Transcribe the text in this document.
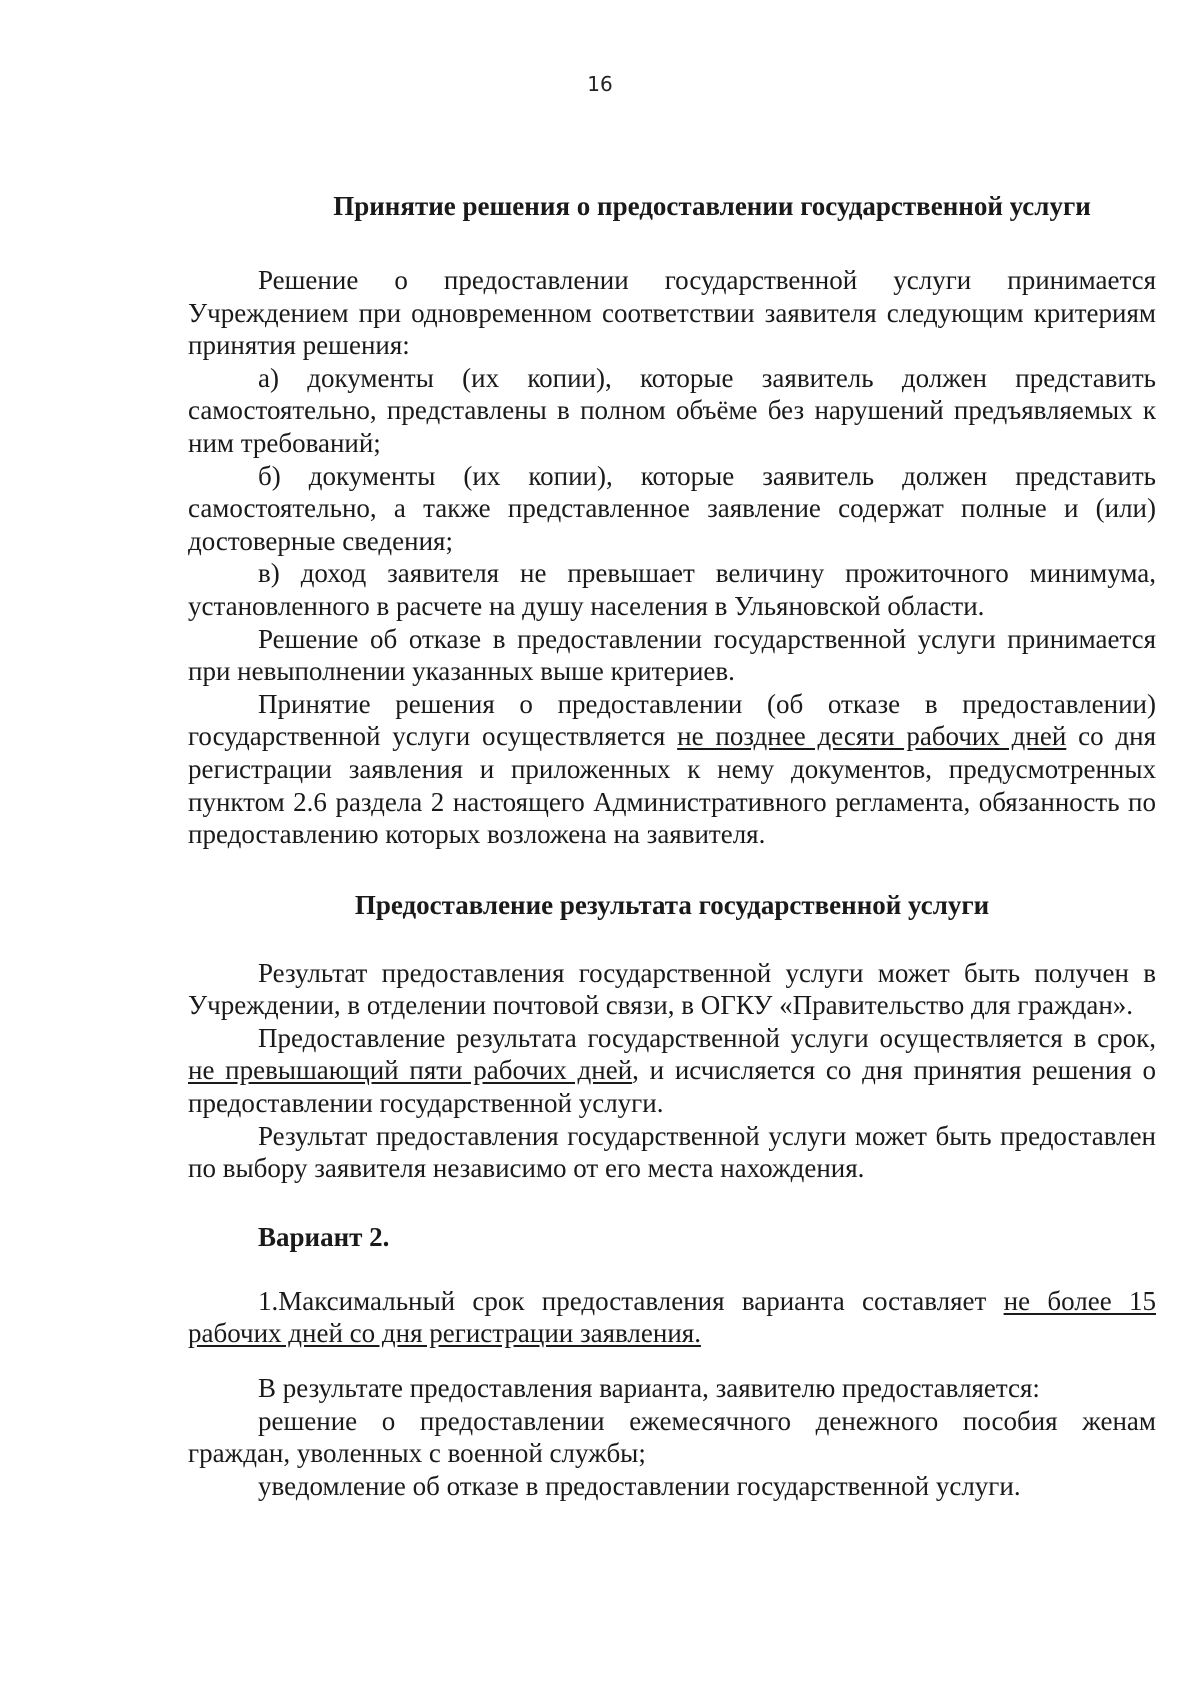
16
Принятие решения о предоставлении государственной услуги

Решение о предоставлении государственной услуги принимается Учреждением при одновременном соответствии заявителя следующим критериям принятия решения:

а) документы (их копии), которые заявитель должен представить самостоятельно, представлены в полном объёме без нарушений предъявляемых к ним требований;

б) документы (их копии), которые заявитель должен представить самостоятельно, а также представленное заявление содержат полные и (или) достоверные сведения;

в) доход заявителя не превышает величину прожиточного минимума, установленного в расчете на душу населения в Ульяновской области.

Решение об отказе в предоставлении государственной услуги принимается при невыполнении указанных выше критериев.

Принятие решения о предоставлении (об отказе в предоставлении) государственной услуги осуществляется не позднее десяти рабочих дней со дня регистрации заявления и приложенных к нему документов, предусмотренных пунктом 2.6 раздела 2 настоящего Административного регламента, обязанность по предоставлению которых возложена на заявителя.

Предоставление результата государственной услуги

Результат предоставления государственной услуги может быть получен в Учреждении, в отделении почтовой связи, в ОГКУ «Правительство для граждан».

Предоставление результата государственной услуги осуществляется в срок, не превышающий пяти рабочих дней, и исчисляется со дня принятия решения о предоставлении государственной услуги.

Результат предоставления государственной услуги может быть предоставлен по выбору заявителя независимо от его места нахождения.

Вариант 2.

1.Максимальный срок предоставления варианта составляет не более 15 рабочих дней со дня регистрации заявления.

В результате предоставления варианта, заявителю предоставляется:

решение о предоставлении ежемесячного денежного пособия женам граждан, уволенных с военной службы;

уведомление об отказе в предоставлении государственной услуги.
